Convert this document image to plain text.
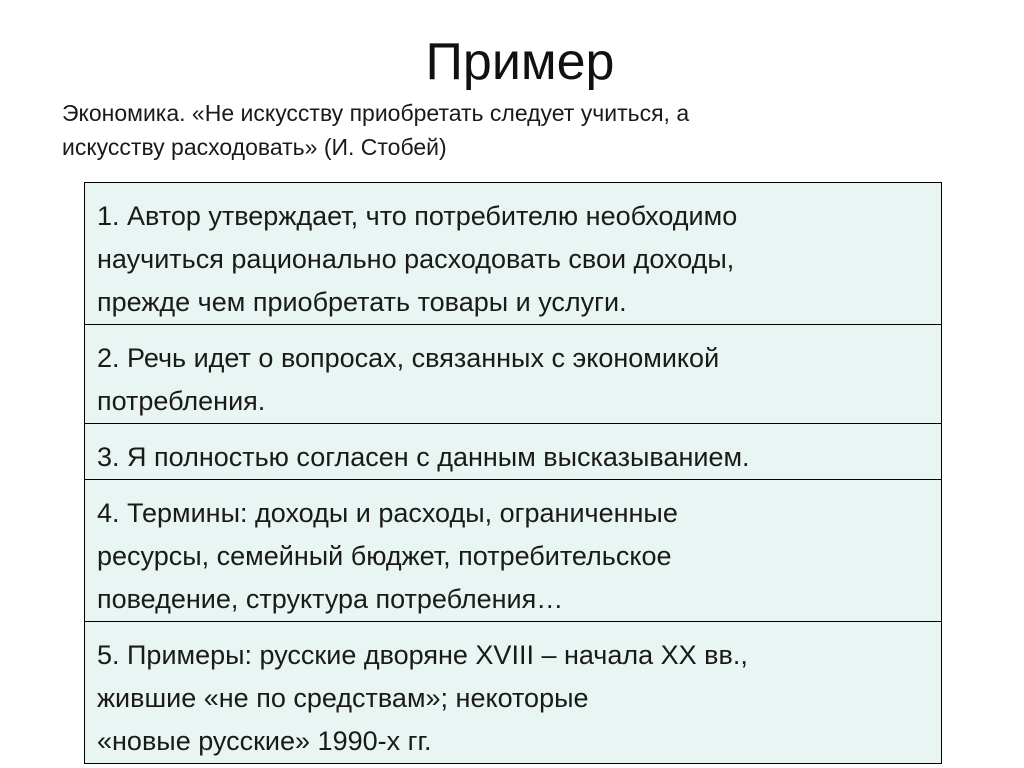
Пример
Экономика. «Не искусству приобретать следует учиться, а
искусству расходовать» (И. Стобей)
1. Автор утверждает, что потребителю необходимо
научиться рационально расходовать свои доходы,
прежде чем приобретать товары и услуги.

2. Речь идет о вопросах, связанных с экономикой
потребления.

3. Я полностью согласен с данным высказыванием.

4. Термины: доходы и расходы, ограниченные
ресурсы, семейный бюджет, потребительское
поведение, структура потребления…

5. Примеры: русские дворяне XVIII – начала XX вв.,
жившие «не по средствам»; некоторые
«новые русские» 1990-х гг.
